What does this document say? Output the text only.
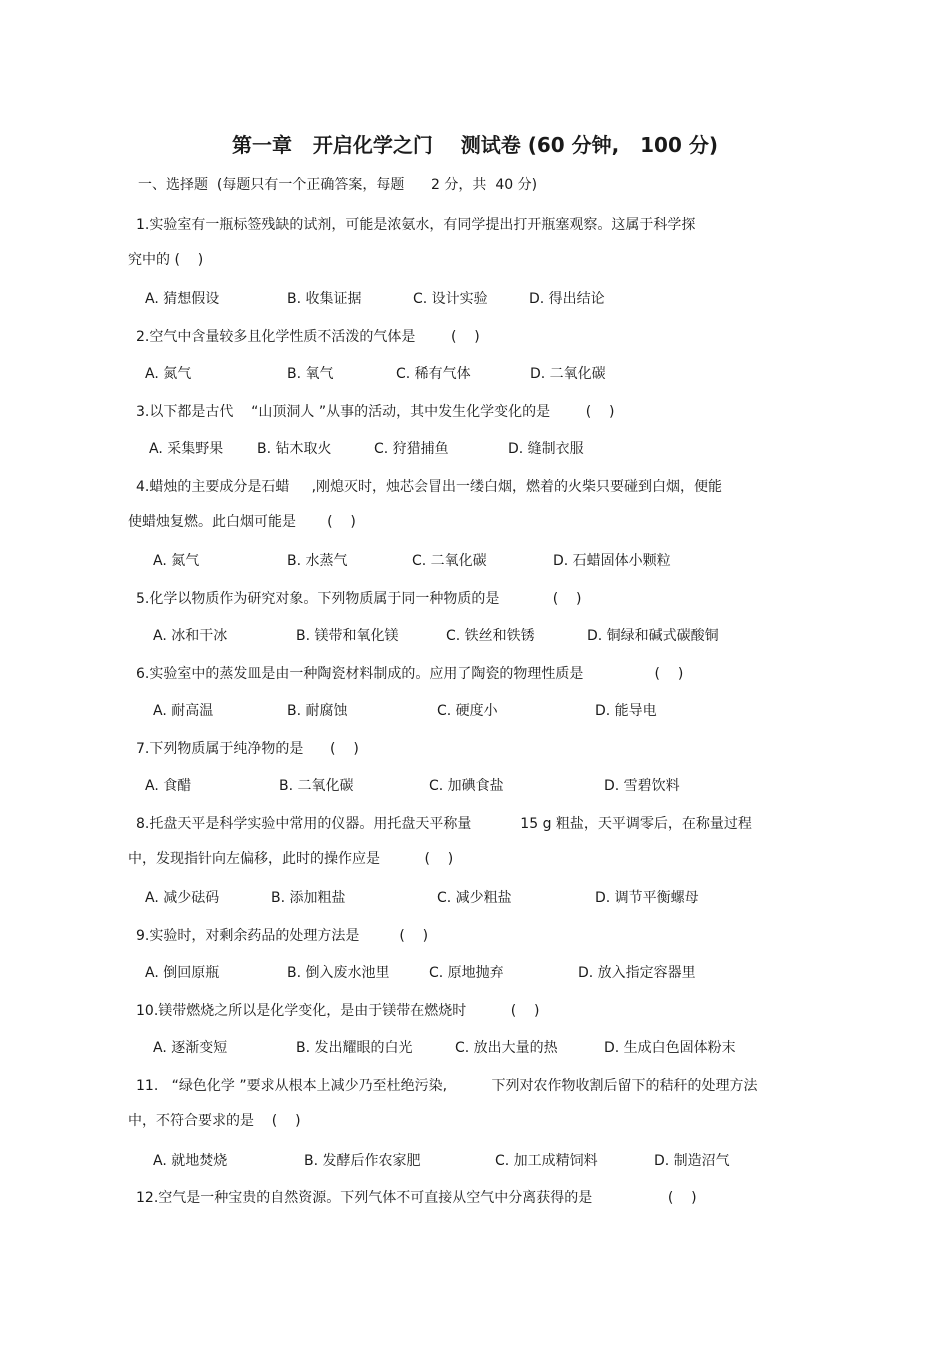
第一章   开启化学之门    测试卷 (60 分钟,   100 分)
一、选择题  (每题只有一个正确答案，每题      2 分，共  40 分)
1.实验室有一瓶标签残缺的试剂，可能是浓氨水，有同学提出打开瓶塞观察。这属于科学探
究中的 (    )
A. 猜想假设	B. 收集证据	C. 设计实验	D. 得出结论
2.空气中含量较多且化学性质不活泼的气体是        (    )
A. 氮气	B. 氧气	C. 稀有气体	D. 二氧化碳
3.以下都是古代    “山顶洞人 ”从事的活动，其中发生化学变化的是        (    )
A. 采集野果 B. 钻木取火	C. 狩猎捕鱼	D. 缝制衣服
4.蜡烛的主要成分是石蜡     ,刚熄灭时，烛芯会冒出一缕白烟，燃着的火柴只要碰到白烟，便能
使蜡烛复燃。此白烟可能是       (    )
A. 氮气	B. 水蒸气	C. 二氧化碳	D. 石蜡固体小颗粒
5.化学以物质作为研究对象。下列物质属于同一种物质的是            (    )
A. 冰和干冰	B. 镁带和氧化镁	C. 铁丝和铁锈	D. 铜绿和碱式碳酸铜
6.实验室中的蒸发皿是由一种陶瓷材料制成的。应用了陶瓷的物理性质是                (    )
A. 耐高温	B. 耐腐蚀	C. 硬度小	D. 能导电
7.下列物质属于纯净物的是      (    )
A. 食醋	B. 二氧化碳	C. 加碘食盐	D. 雪碧饮料
8.托盘天平是科学实验中常用的仪器。用托盘天平称量           15 g 粗盐，天平调零后，在称量过程
中，发现指针向左偏移，此时的操作应是          (    )
A. 减少砝码	B. 添加粗盐	C. 减少粗盐	D. 调节平衡螺母
9.实验时，对剩余药品的处理方法是         (    )
A. 倒回原瓶	B. 倒入废水池里	C. 原地抛弃	D. 放入指定容器里
10.镁带燃烧之所以是化学变化，是由于镁带在燃烧时          (    )
A. 逐渐变短	B. 发出耀眼的白光	C. 放出大量的热	D. 生成白色固体粉末
11.   “绿色化学 ”要求从根本上减少乃至杜绝污染,          下列对农作物收割后留下的秸秆的处理方法
中，不符合要求的是    (    )
A. 就地焚烧	B. 发酵后作农家肥	C. 加工成精饲料	D. 制造沼气
12.空气是一种宝贵的自然资源。下列气体不可直接从空气中分离获得的是                 (    )
